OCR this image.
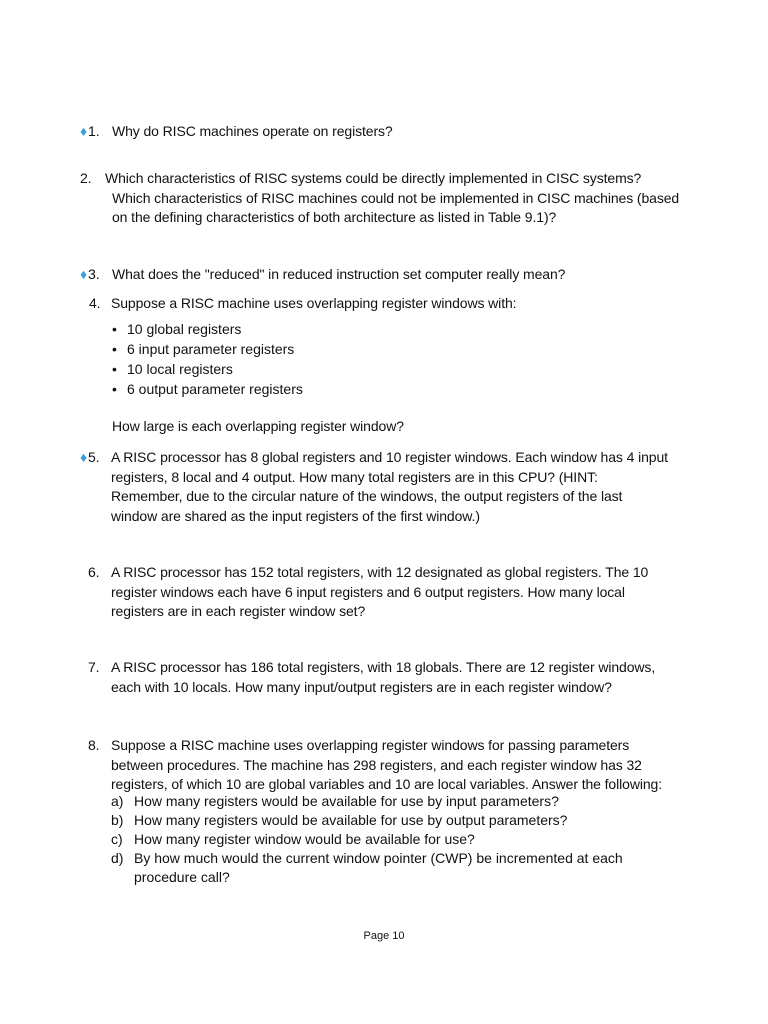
♦1. Why do RISC machines operate on registers?
2. Which characteristics of RISC systems could be directly implemented in CISC systems?
Which characteristics of RISC machines could not be implemented in CISC machines (based
on the defining characteristics of both architecture as listed in Table 9.1)?
♦3. What does the "reduced" in reduced instruction set computer really mean?
4. Suppose a RISC machine uses overlapping register windows with:
• 10 global registers
• 6 input parameter registers
• 10 local registers
• 6 output parameter registers
How large is each overlapping register window?
♦5. A RISC processor has 8 global registers and 10 register windows. Each window has 4 input
registers, 8 local and 4 output. How many total registers are in this CPU? (HINT:
Remember, due to the circular nature of the windows, the output registers of the last
window are shared as the input registers of the first window.)
6. A RISC processor has 152 total registers, with 12 designated as global registers. The 10
register windows each have 6 input registers and 6 output registers. How many local
registers are in each register window set?
7. A RISC processor has 186 total registers, with 18 globals. There are 12 register windows,
each with 10 locals. How many input/output registers are in each register window?
8. Suppose a RISC machine uses overlapping register windows for passing parameters
between procedures. The machine has 298 registers, and each register window has 32
registers, of which 10 are global variables and 10 are local variables. Answer the following:
a) How many registers would be available for use by input parameters?
b) How many registers would be available for use by output parameters?
c) How many register window would be available for use?
d) By how much would the current window pointer (CWP) be incremented at each
procedure call?
Page 10
